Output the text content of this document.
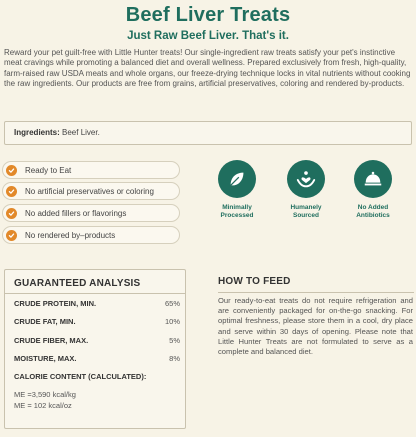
Beef Liver Treats
Just Raw Beef Liver. That's it.
Reward your pet guilt-free with Little Hunter treats! Our single-ingredient raw treats satisfy your pet's instinctive meat cravings while promoting a balanced diet and overall wellness. Prepared exclusively from fresh, high-quality, farm-raised raw USDA meats and whole organs, our freeze-drying technique locks in vital nutrients without cooking the raw ingredients. Our products are free from grains, artificial preservatives, coloring and rendered by-products.
Ingredients: Beef Liver.
Ready to Eat
No artificial preservatives or coloring
No added fillers or flavorings
No rendered by–products
Minimally
Processed
Humanely
Sourced
No Added
Antibiotics
GUARANTEED ANALYSIS
CRUDE PROTEIN, MIN.	65%
CRUDE FAT, MIN.	10%
CRUDE FIBER, MAX.	5%
MOISTURE, MAX.	8%
CALORIE CONTENT (CALCULATED):
ME =3,590 kcal/kg
ME = 102 kcal/oz
HOW TO FEED
Our ready-to-eat treats do not require refrigeration and are conveniently packaged for on-the-go snacking. For optimal freshness, please store them in a cool, dry place and serve within 30 days of opening. Please note that Little Hunter Treats are not formulated to serve as a complete and balanced diet.
